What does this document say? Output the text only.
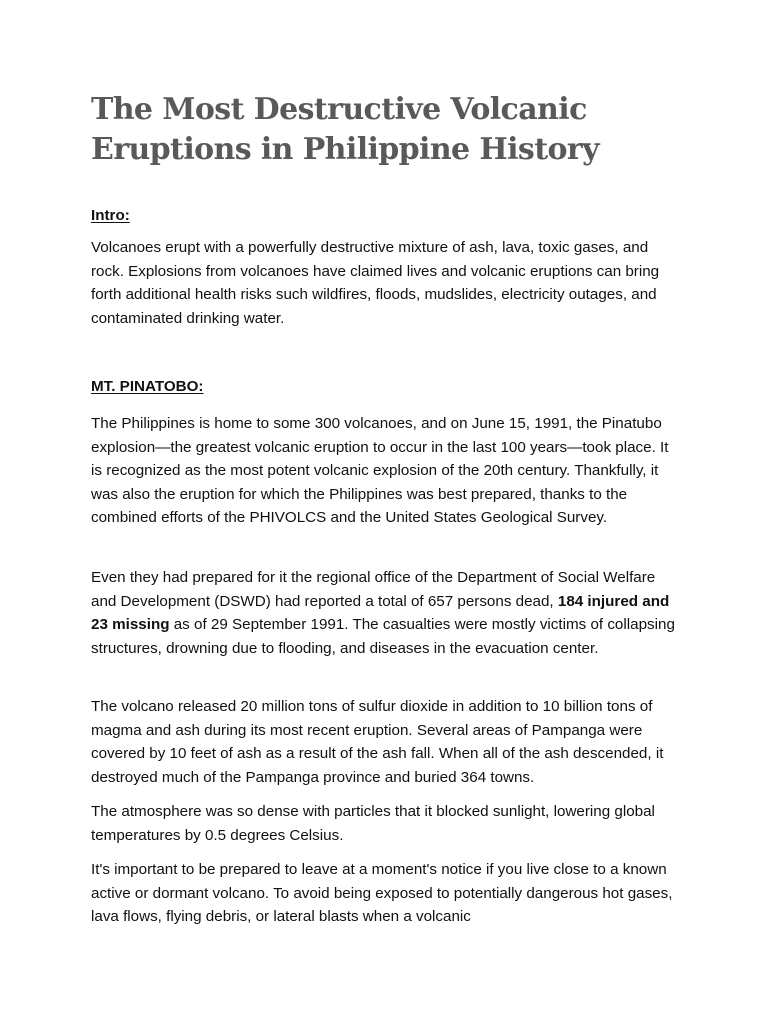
The Most Destructive Volcanic Eruptions in Philippine History
Intro:

Volcanoes erupt with a powerfully destructive mixture of ash, lava, toxic gases, and rock. Explosions from volcanoes have claimed lives and volcanic eruptions can bring forth additional health risks such wildfires, floods, mudslides, electricity outages, and contaminated drinking water.

MT. PINATOBO:

The Philippines is home to some 300 volcanoes, and on June 15, 1991, the Pinatubo explosion—the greatest volcanic eruption to occur in the last 100 years—took place. It is recognized as the most potent volcanic explosion of the 20th century. Thankfully, it was also the eruption for which the Philippines was best prepared, thanks to the combined efforts of the PHIVOLCS and the United States Geological Survey.

Even they had prepared for it the regional office of the Department of Social Welfare and Development (DSWD) had reported a total of 657 persons dead, 184 injured and 23 missing as of 29 September 1991. The casualties were mostly victims of collapsing structures, drowning due to flooding, and diseases in the evacuation center.

The volcano released 20 million tons of sulfur dioxide in addition to 10 billion tons of magma and ash during its most recent eruption. Several areas of Pampanga were covered by 10 feet of ash as a result of the ash fall. When all of the ash descended, it destroyed much of the Pampanga province and buried 364 towns.

The atmosphere was so dense with particles that it blocked sunlight, lowering global temperatures by 0.5 degrees Celsius.

It's important to be prepared to leave at a moment's notice if you live close to a known active or dormant volcano. To avoid being exposed to potentially dangerous hot gases, lava flows, flying debris, or lateral blasts when a volcanic
